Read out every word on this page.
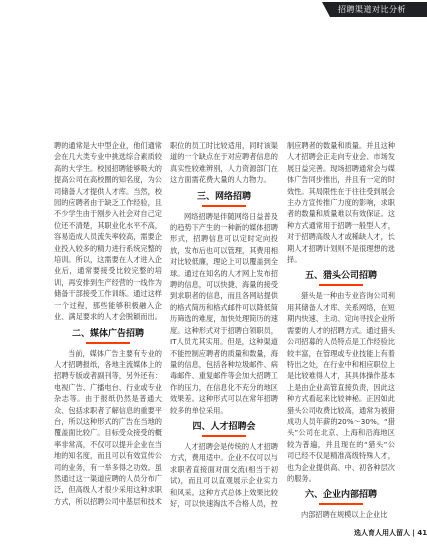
招聘渠道对比分析

聘的通常是大中型企业，他们通常会在几大类专业中挑选综合素质较高的大学生。校园招聘能够吸大的提高公司在高校圈的知名度，为公司储备人才提供人才库。当然，校园的应聘者由于缺乏工作经验，且不少学生由于刚步入社会对自己定位还不清楚，其职业化水平不高，容易造成人员流失率较高，需要企业投入较多的精力进行系统完整的培训。所以，这需要在人才进入企业后，通常要接受比较完整的培训，再安排到生产经营的一线作为储备干部接受工作训练。通过这样一个过程，那些能够积极融入企业、满足要求的人才会脱颖而出。

二、媒体广告招聘

当前，媒体广告主要有专业的人才招聘报纸，各地主流媒体上的招聘专版或者副刊等，另外还有：电视广告、广播电台、行业或专业杂志等。由于报纸仍然是普通大众、包括求职者了解信息的重要平台，所以这种形式的广告在当地的覆盖面比较广。目标受众接受的概率非常高，不仅可以提升企业在当地的知名度，而且可以有效宣传公司的业务，有一举多得之功效。虽然通过这一渠道应聘的人员分布广泛，但高级人才很少采用这种求职方式，所以招聘公司中基层和技术

职位的员工时比较适用，同时该渠道的一个缺点在于对应聘者信息的真实性较难辨别，人力资源部门在这方面需花费大量的人力物力。

三、网络招聘

网络招聘是伴随网络日益普及的趋势下产生的一种新的媒体招聘形式，招聘信息可以定时定向投放，发布后也可以管理，其费用相对比较低廉，理论上可以覆盖到全球。通过在知名的人才网上发布招聘的信息，可以快捷、海量的接受到求职者的信息，而且各网站提供的格式简历和格式邮件可以降低简历筛选的难度，加快处理简历的速度。这种形式对于招聘白领职员，IT人员尤其实用。但是，这种渠道不能控制应聘者的质量和数量，海量的信息，包括各种垃圾邮件、病毒邮件、重复邮件等会加大招聘工作的压力，在信息化不充分的地区效果差。这种形式可以在常年招聘较多的单位采用。

四、人才招聘会

人才招聘会是传统的人才招聘方式，费用适中。企业不仅可以与求职者直接面对面交流(相当于初试)，而且可以直观展示企业实力和风采。这种方式总体上效果比较好，可以快速淘汰不合格人员，控

制应聘者的数量和质量。并且这种人才招聘会正走向专业会、市场发展日益完善。现场招聘通常会与媒体广告同步推出，并且有一定的时效性。其局限性在于往往受到展会主办方宣传推广力度的影响，求职者的数量和质量难以有效保证。这种方式通常用于招聘一般型人才，对于招聘高级人才或稀缺人才，长期人才招聘计划则不是很理想的选择。

五、猎头公司招聘

猎头是一种由专业咨询公司利用其储备人才库、关系网络，在短期内快速、主动、定向寻找企业所需要的人才的招聘方式。通过猎头公司招募的人员特点是工作经验比较丰富，在管理或专业技能上有着特出之处，在行业中和相应职位上是比较难得人才，其具体操作基本上是由企业高管直接负责，因此这种方式看起来比较神秘。正因如此猎头公司收费比较高，通常为被猎成功人员年薪的20%～30%。“猎头”公司在北京、上海和沿海地区较为普遍，并且现在的“猎头”公司已经不仅是精准高级特殊人才，也为企业提供高、中、初各种层次的服务。

六、企业内部招聘

内部招聘在规模以上企业比

选人育人用人留人 | 41
